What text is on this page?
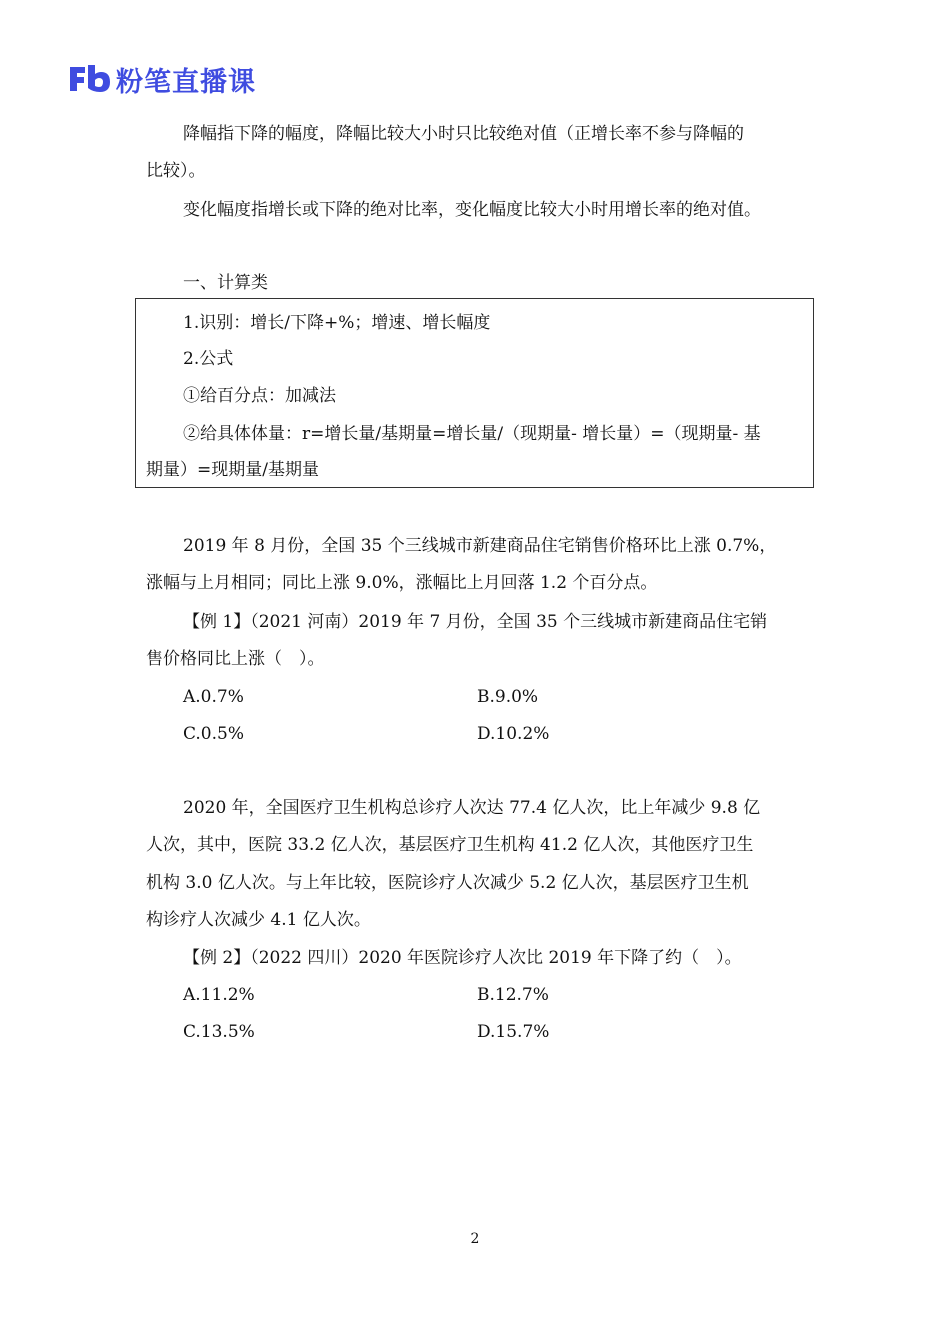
粉笔直播课
降幅指下降的幅度，降幅比较大小时只比较绝对值（正增长率不参与降幅的
比较）。
变化幅度指增长或下降的绝对比率，变化幅度比较大小时用增长率的绝对值。
一、计算类
1.识别：增长/下降+%；增速、增长幅度
2.公式
①给百分点：加减法
②给具体体量：r=增长量/基期量=增长量/（现期量- 增长量）=（现期量- 基
期量）=现期量/基期量
2019 年 8 月份，全国 35 个三线城市新建商品住宅销售价格环比上涨 0.7%，
涨幅与上月相同；同比上涨 9.0%，涨幅比上月回落 1.2 个百分点。
【例 1】（2021 河南）2019 年 7 月份，全国 35 个三线城市新建商品住宅销
售价格同比上涨（　）。
A.0.7%	B.9.0%
C.0.5%	D.10.2%
2020 年，全国医疗卫生机构总诊疗人次达 77.4 亿人次，比上年减少 9.8 亿
人次，其中，医院 33.2 亿人次，基层医疗卫生机构 41.2 亿人次，其他医疗卫生
机构 3.0 亿人次。与上年比较，医院诊疗人次减少 5.2 亿人次，基层医疗卫生机
构诊疗人次减少 4.1 亿人次。
【例 2】（2022 四川）2020 年医院诊疗人次比 2019 年下降了约（　）。
A.11.2%	B.12.7%
C.13.5%	D.15.7%
2
